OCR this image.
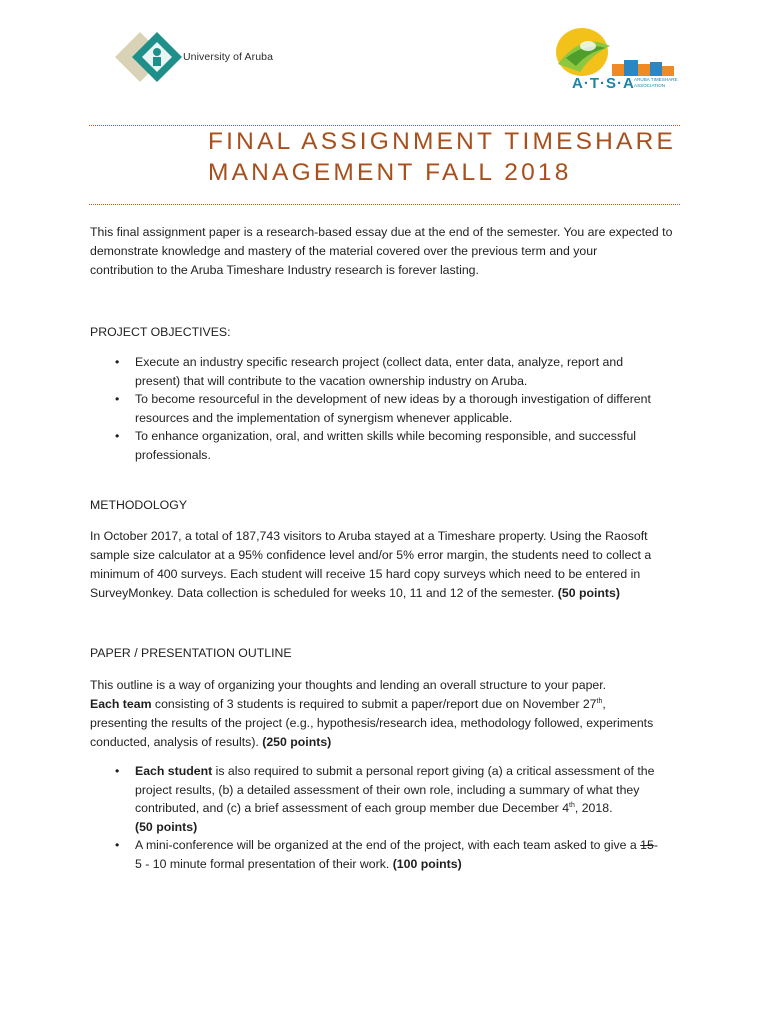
University of Aruba
A·T·S·A ARUBA TIMESHARE ASSOCIATION
FINAL ASSIGNMENT TIMESHARE
MANAGEMENT FALL 2018
This final assignment paper is a research-based essay due at the end of the semester. You are expected to
demonstrate knowledge and mastery of the material covered over the previous term and your
contribution to the Aruba Timeshare Industry research is forever lasting.
PROJECT OBJECTIVES:
• Execute an industry specific research project (collect data, enter data, analyze, report and
present) that will contribute to the vacation ownership industry on Aruba.
• To become resourceful in the development of new ideas by a thorough investigation of different
resources and the implementation of synergism whenever applicable.
• To enhance organization, oral, and written skills while becoming responsible, and successful
professionals.
METHODOLOGY
In October 2017, a total of 187,743 visitors to Aruba stayed at a Timeshare property. Using the Raosoft
sample size calculator at a 95% confidence level and/or 5% error margin, the students need to collect a
minimum of 400 surveys. Each student will receive 15 hard copy surveys which need to be entered in
SurveyMonkey. Data collection is scheduled for weeks 10, 11 and 12 of the semester. (50 points)
PAPER / PRESENTATION OUTLINE
This outline is a way of organizing your thoughts and lending an overall structure to your paper.
Each team consisting of 3 students is required to submit a paper/report due on November 27th,
presenting the results of the project (e.g., hypothesis/research idea, methodology followed, experiments
conducted, analysis of results). (250 points)
• Each student is also required to submit a personal report giving (a) a critical assessment of the
project results, (b) a detailed assessment of their own role, including a summary of what they
contributed, and (c) a brief assessment of each group member due December 4th, 2018.
(50 points)
• A mini-conference will be organized at the end of the project, with each team asked to give a 15-
5 - 10 minute formal presentation of their work. (100 points)
